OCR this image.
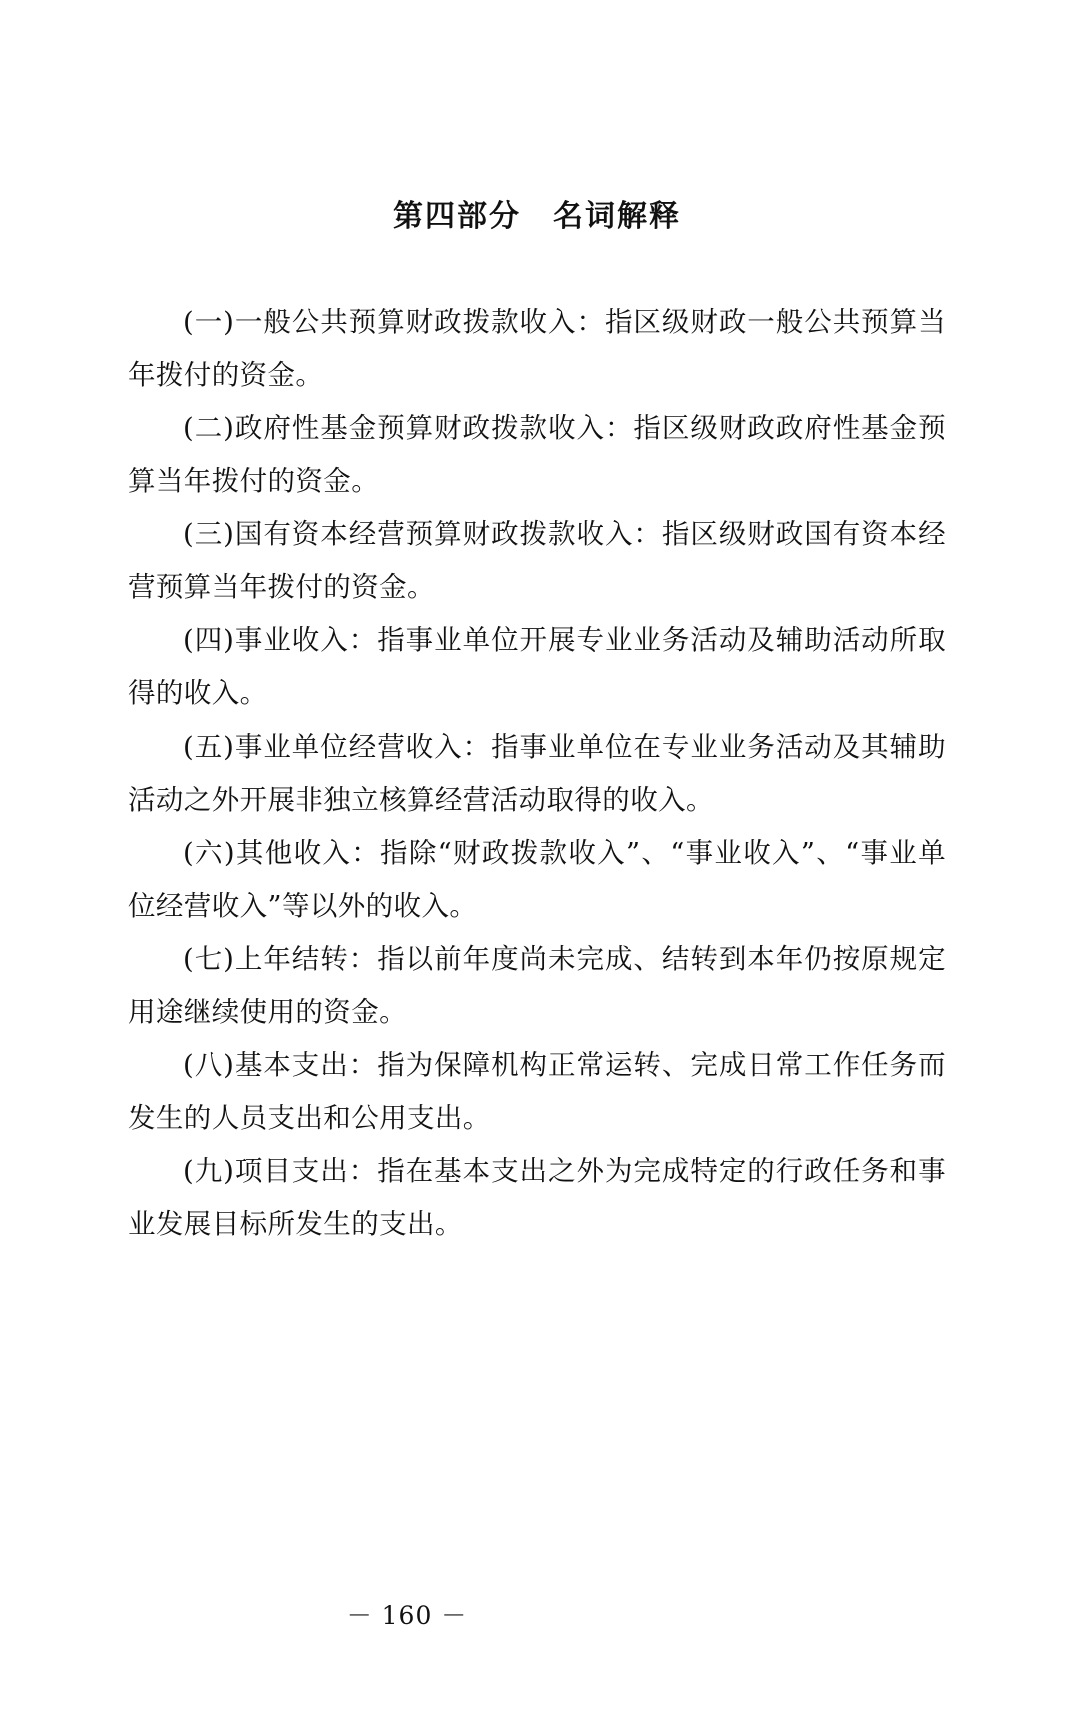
第四部分　名词解释

(一)一般公共预算财政拨款收入：指区级财政一般公共预算当年拨付的资金。

(二)政府性基金预算财政拨款收入：指区级财政政府性基金预算当年拨付的资金。

(三)国有资本经营预算财政拨款收入：指区级财政国有资本经营预算当年拨付的资金。

(四)事业收入：指事业单位开展专业业务活动及辅助活动所取得的收入。

(五)事业单位经营收入：指事业单位在专业业务活动及其辅助活动之外开展非独立核算经营活动取得的收入。

(六)其他收入：指除“财政拨款收入”、“事业收入”、“事业单位经营收入”等以外的收入。

(七)上年结转：指以前年度尚未完成、结转到本年仍按原规定用途继续使用的资金。

(八)基本支出：指为保障机构正常运转、完成日常工作任务而发生的人员支出和公用支出。

(九)项目支出：指在基本支出之外为完成特定的行政任务和事业发展目标所发生的支出。

－ 160 －
